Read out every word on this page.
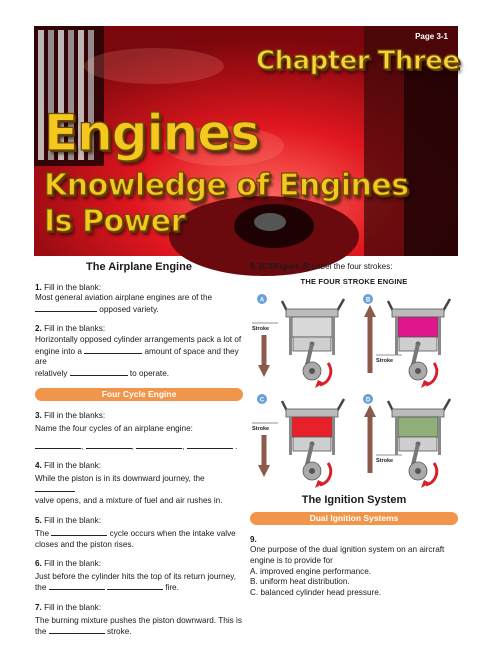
Page 3-1
Chapter Three
Engines
Knowledge of Engines
Is Power
The Airplane Engine
1. Fill in the blank:
Most general aviation airplane engines are of the
opposed variety.
2. Fill in the blanks:
Horizontally opposed cylinder arrangements pack a lot of
engine into a	amount of space and they are
relatively	to operate.
Four Cycle Engine
3. Fill in the blanks:
Name the four cycles of an airplane engine:
,	,	,	.
4. Fill in the blank:
While the piston is in its downward journey, the
valve opens, and a mixture of fuel and air rushes in.
5. Fill in the blank:
The	cycle occurs when the intake valve
closes and the piston rises.
6. Fill in the blank:
Just before the cylinder hits the top of its return journey,
the	fire.
7. Fill in the blank:
The burning mixture pushes the piston downward. This is
the	stroke.
8. [C3/Figure 3] Label the four strokes:
THE FOUR STROKE ENGINE
A
Stroke
B
Stroke
C
Stroke
D
Stroke
The Ignition System
Dual Ignition Systems
9.
One purpose of the dual ignition system on an aircraft
engine is to provide for
A. improved engine performance.
B. uniform heat distribution.
C. balanced cylinder head pressure.
